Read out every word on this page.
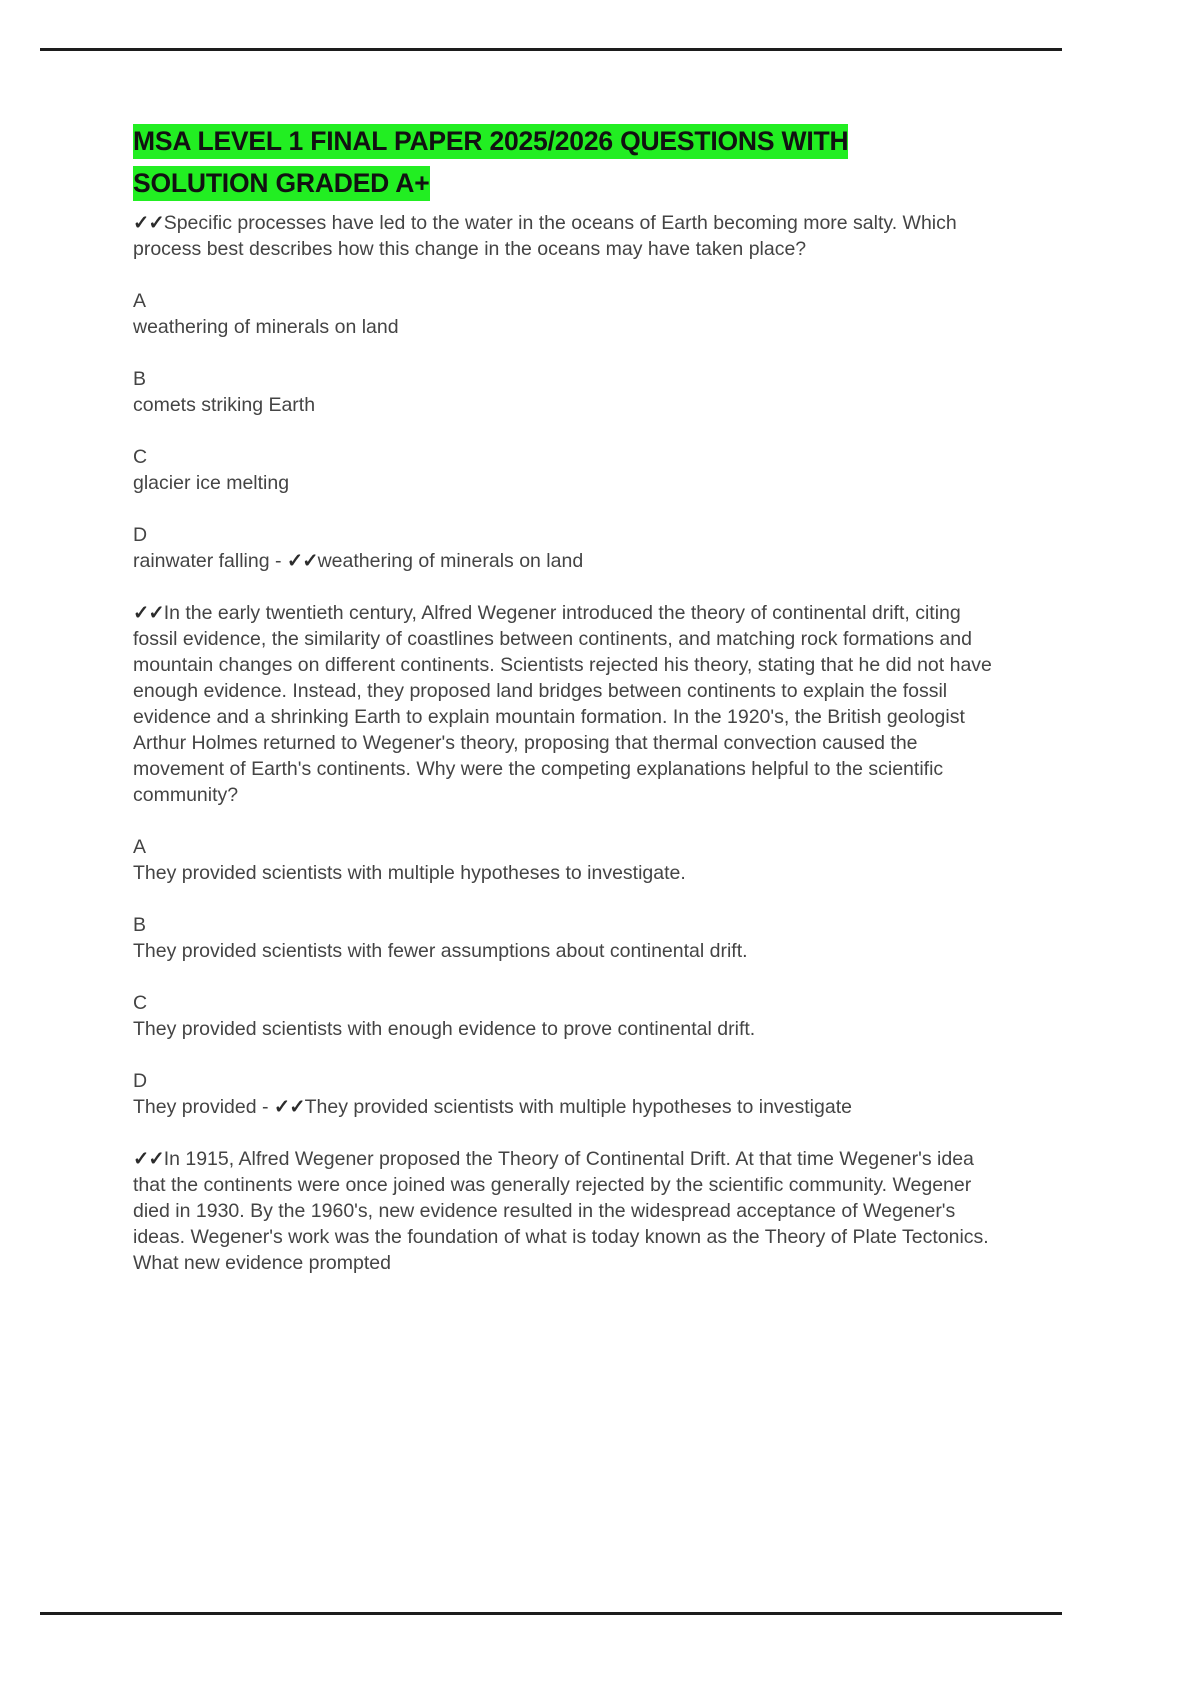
MSA LEVEL 1 FINAL PAPER 2025/2026 QUESTIONS WITH SOLUTION GRADED A+

✓✓Specific processes have led to the water in the oceans of Earth becoming more salty. Which process best describes how this change in the oceans may have taken place?

A

weathering of minerals on land

B

comets striking Earth

C

glacier ice melting

D

rainwater falling - ✓✓weathering of minerals on land

✓✓In the early twentieth century, Alfred Wegener introduced the theory of continental drift, citing fossil evidence, the similarity of coastlines between continents, and matching rock formations and mountain changes on different continents. Scientists rejected his theory, stating that he did not have enough evidence. Instead, they proposed land bridges between continents to explain the fossil evidence and a shrinking Earth to explain mountain formation. In the 1920's, the British geologist Arthur Holmes returned to Wegener's theory, proposing that thermal convection caused the movement of Earth's continents. Why were the competing explanations helpful to the scientific community?

A

They provided scientists with multiple hypotheses to investigate.

B

They provided scientists with fewer assumptions about continental drift.

C

They provided scientists with enough evidence to prove continental drift.

D

They provided - ✓✓They provided scientists with multiple hypotheses to investigate

✓✓In 1915, Alfred Wegener proposed the Theory of Continental Drift. At that time Wegener's idea that the continents were once joined was generally rejected by the scientific community. Wegener died in 1930. By the 1960's, new evidence resulted in the widespread acceptance of Wegener's ideas. Wegener's work was the foundation of what is today known as the Theory of Plate Tectonics. What new evidence prompted
